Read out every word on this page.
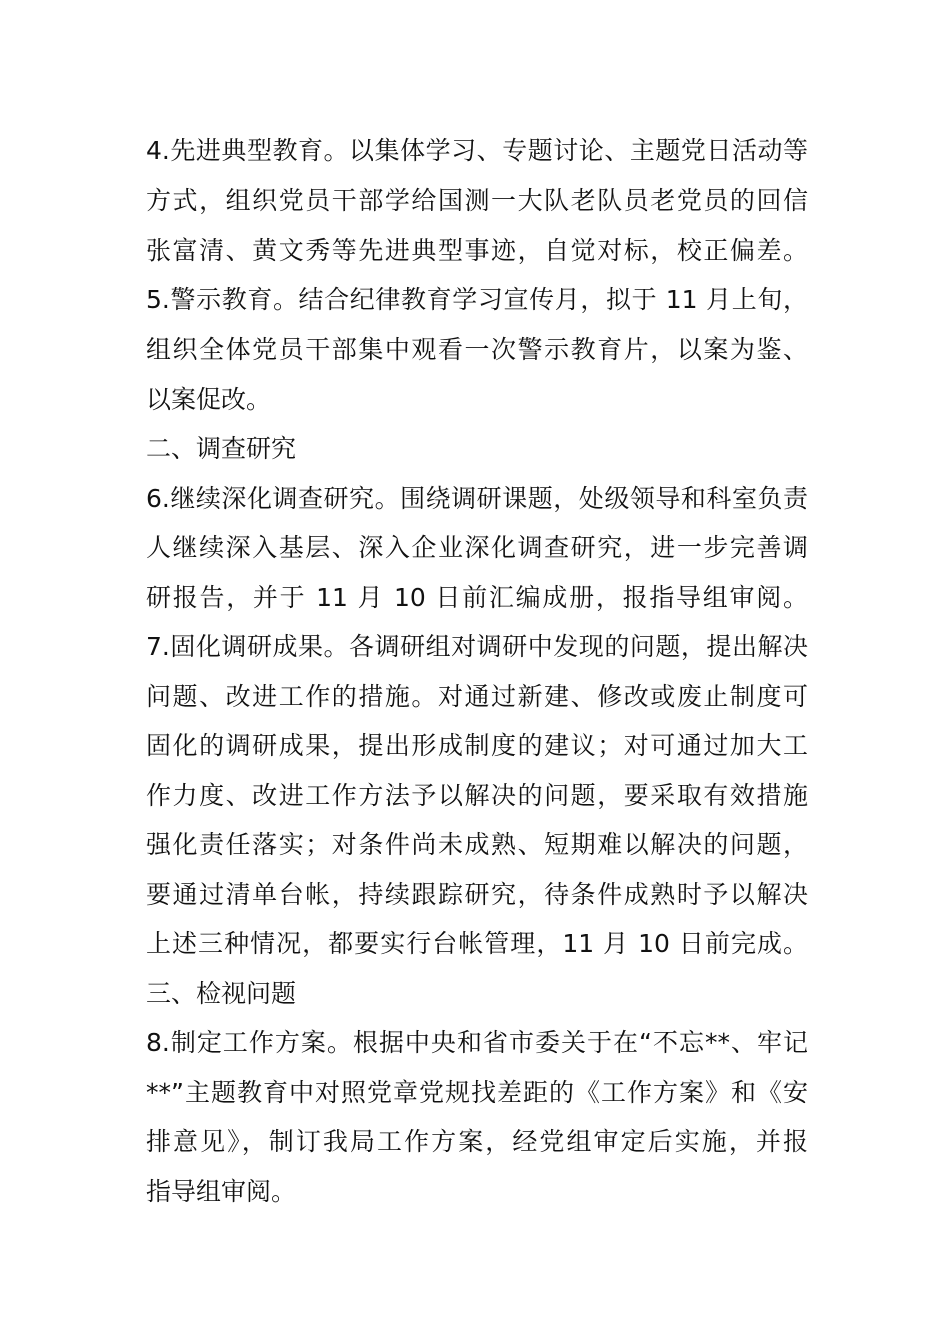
4.先进典型教育。以集体学习、专题讨论、主题党日活动等
方式，组织党员干部学给国测一大队老队员老党员的回信
张富清、黄文秀等先进典型事迹，自觉对标，校正偏差。
5.警示教育。结合纪律教育学习宣传月，拟于 11 月上旬，
组织全体党员干部集中观看一次警示教育片，以案为鉴、
以案促改。
二、调查研究
6.继续深化调查研究。围绕调研课题，处级领导和科室负责
人继续深入基层、深入企业深化调查研究，进一步完善调
研报告，并于 11 月 10 日前汇编成册，报指导组审阅。
7.固化调研成果。各调研组对调研中发现的问题，提出解决
问题、改进工作的措施。对通过新建、修改或废止制度可
固化的调研成果，提出形成制度的建议；对可通过加大工
作力度、改进工作方法予以解决的问题，要采取有效措施
强化责任落实；对条件尚未成熟、短期难以解决的问题，
要通过清单台帐，持续跟踪研究，待条件成熟时予以解决
上述三种情况，都要实行台帐管理，11 月 10 日前完成。
三、检视问题
8.制定工作方案。根据中央和省市委关于在“不忘**、牢记
**”主题教育中对照党章党规找差距的《工作方案》和《安
排意见》，制订我局工作方案，经党组审定后实施，并报
指导组审阅。
